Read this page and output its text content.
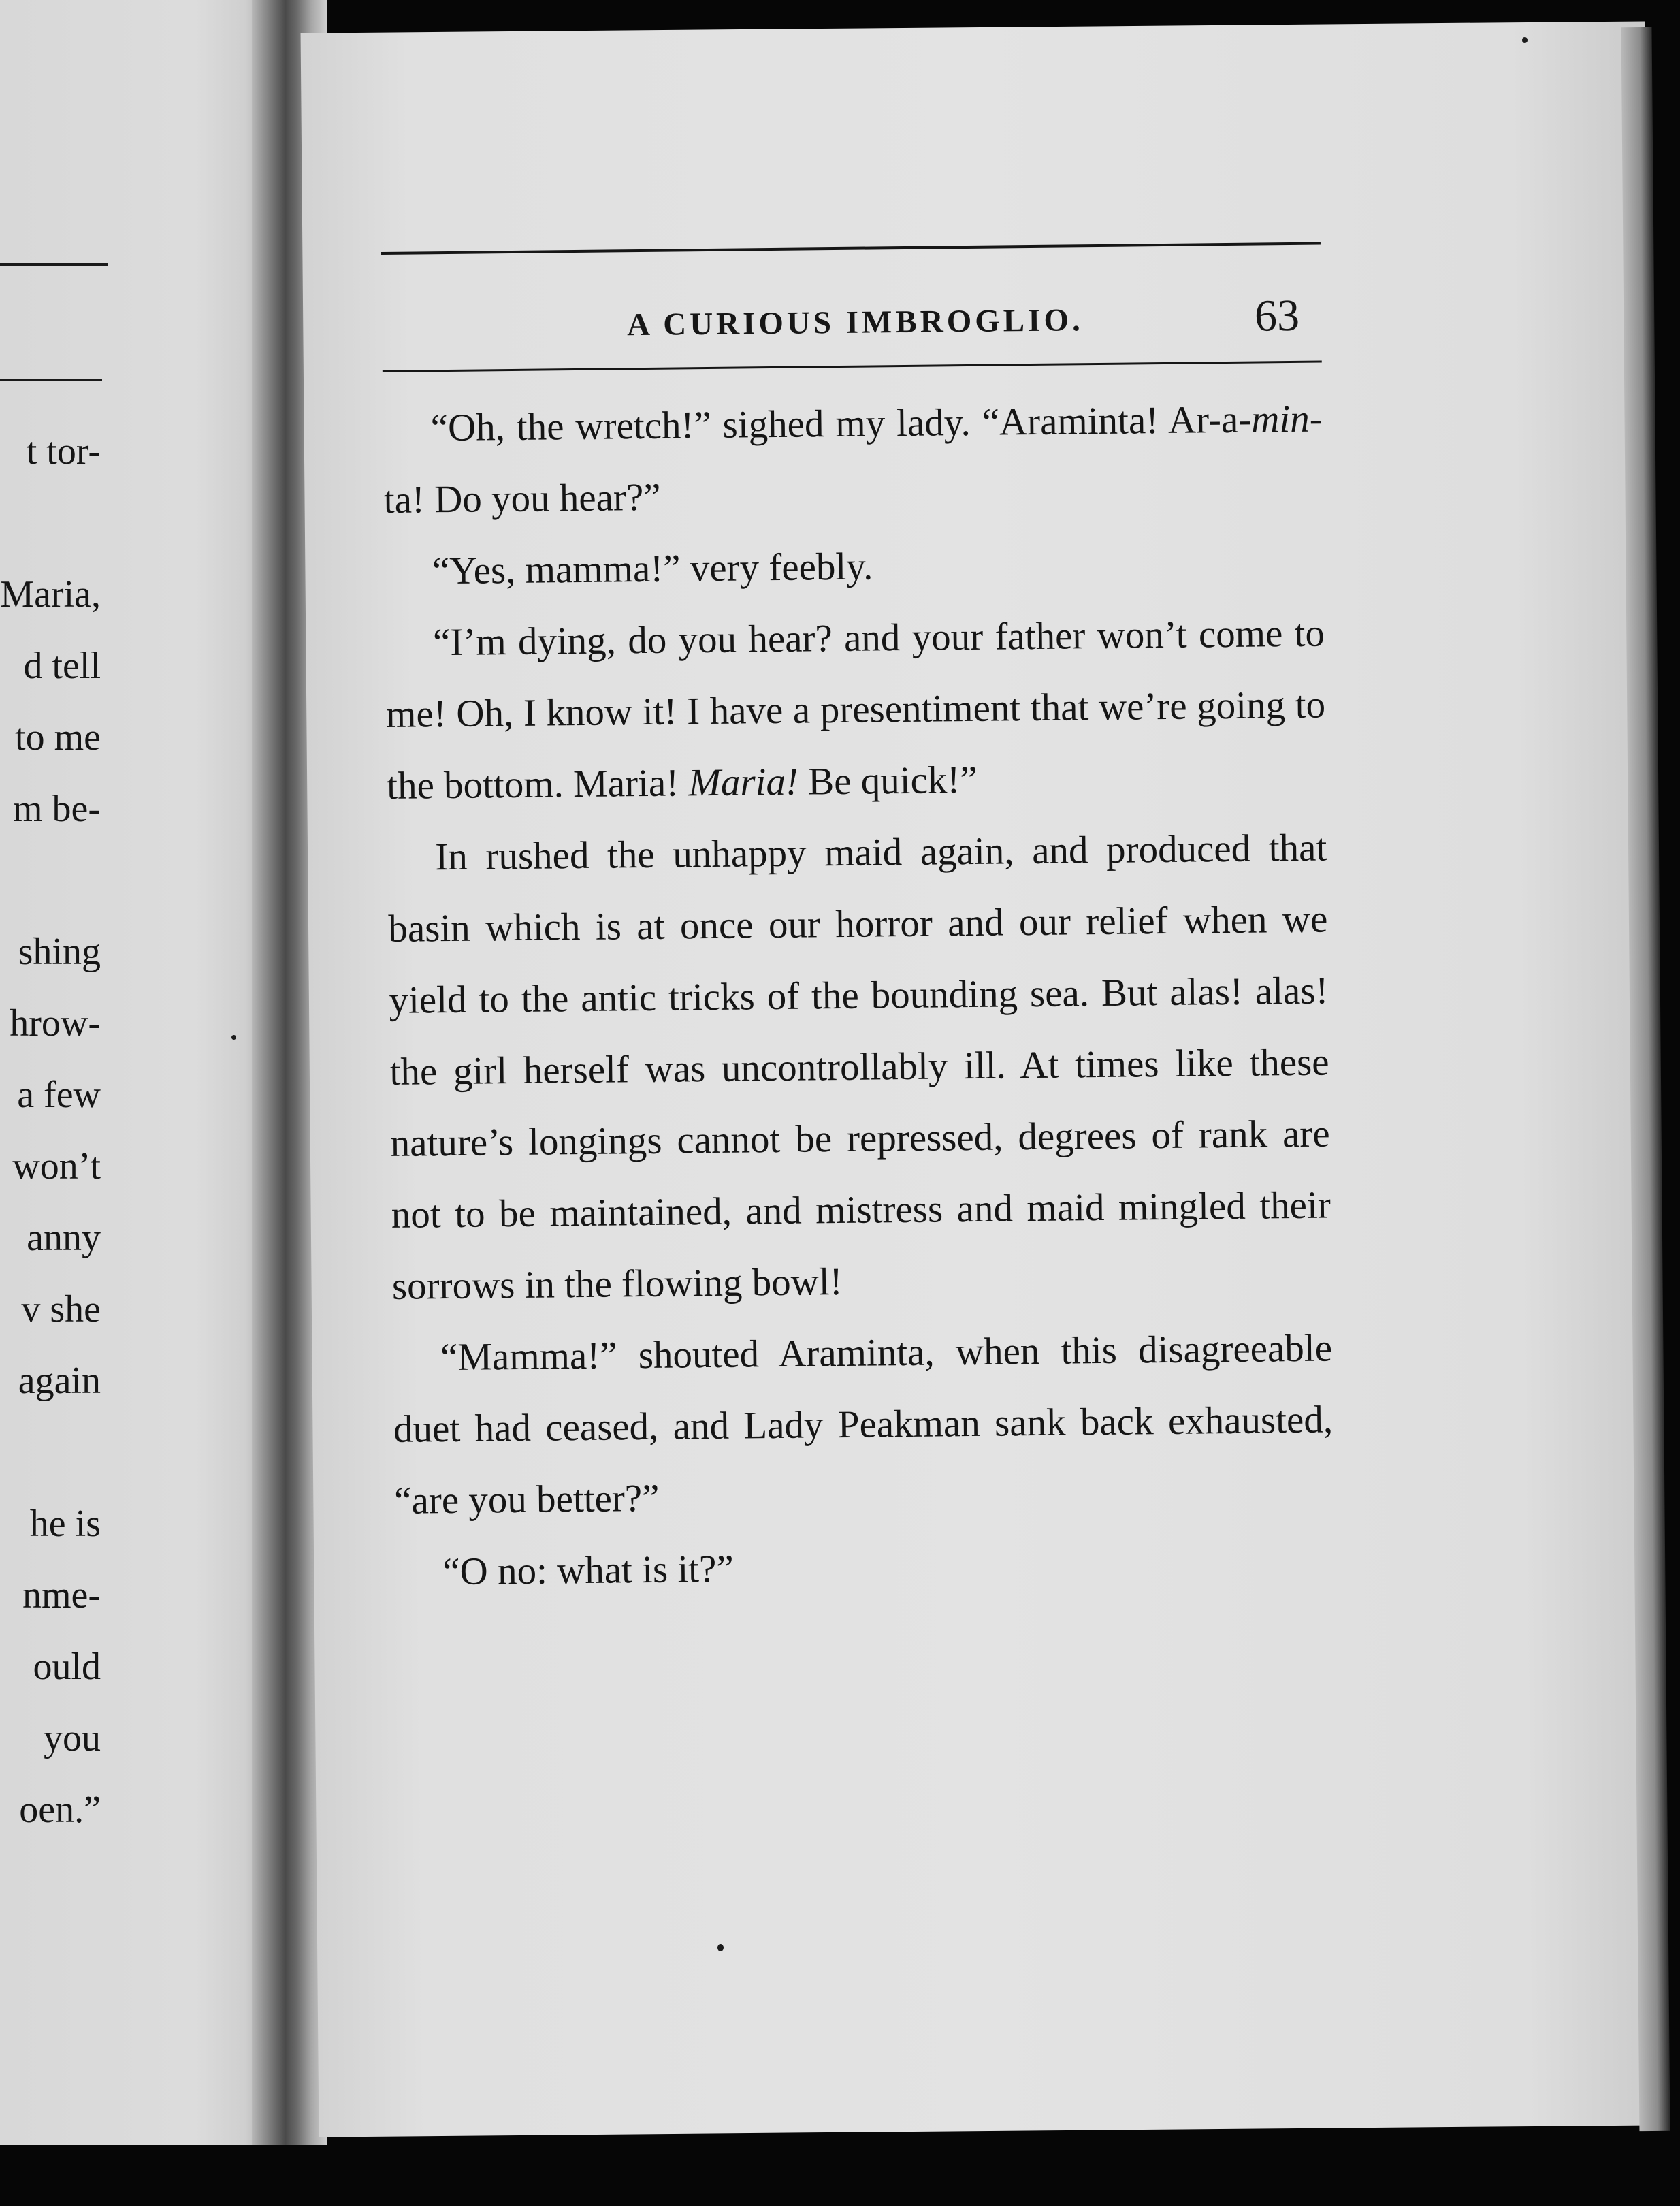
t tor-
Maria,
d tell
to me
m be-
shing
hrow-
a few
won’t
anny
v she
again
he is
nme-
ould
you
oen.”
A CURIOUS IMBROGLIO.	63

“Oh, the wretch!” sighed my lady. “Araminta! Ar-a-min-ta! Do you hear?”

“Yes, mamma!” very feebly.

“I’m dying, do you hear? and your father won’t come to me! Oh, I know it! I have a presentiment that we’re going to the bottom. Maria! Maria! Be quick!”

In rushed the unhappy maid again, and produced that basin which is at once our horror and our relief when we yield to the antic tricks of the bounding sea. But alas! alas! the girl herself was uncontrollably ill. At times like these nature’s longings cannot be repressed, degrees of rank are not to be maintained, and mistress and maid mingled their sorrows in the flowing bowl!

“Mamma!” shouted Araminta, when this disagreeable duet had ceased, and Lady Peakman sank back exhausted, “are you better?”

“O no: what is it?”
